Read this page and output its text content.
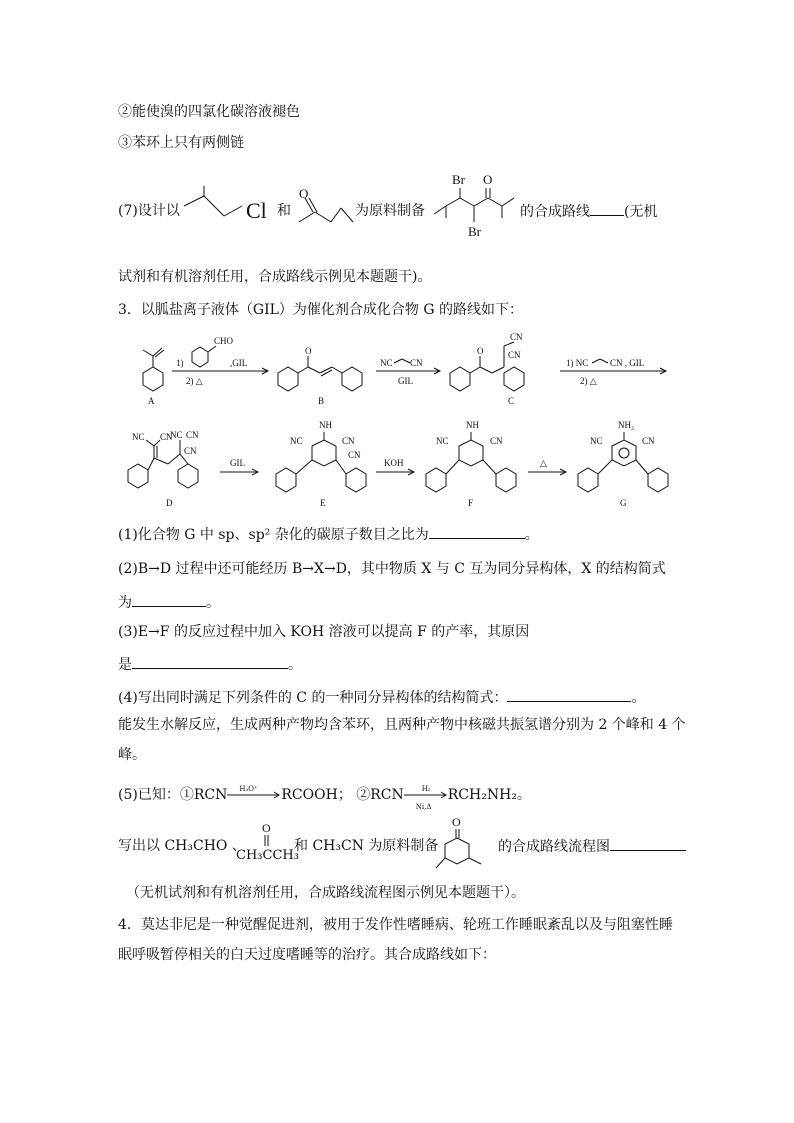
②能使溴的四氯化碳溶液褪色
③苯环上只有两侧链
(7)设计以	Cl 和
O
为原料制备
Br O
Br
的合成路线 (无机
试剂和有机溶剂任用，合成路线示例见本题题干)。
3．以胍盐离子液体（GIL）为催化剂合成化合物 G 的路线如下：
A
1)
CHO
,GIL
2) △
O
B
NC CN
GIL
O
CN
CN
C
1) NC CN , GIL
2) △
NC CN
NC CN
CN
D
GIL
NH
NC	CN
CN
E
KOH
NH
NC	CN
F
△
NH₂
NC	CN
G
(1)化合物 G 中 sp、sp² 杂化的碳原子数目之比为	。
(2)B→D 过程中还可能经历 B→X→D，其中物质 X 与 C 互为同分异构体，X 的结构简式
为	。
(3)E→F 的反应过程中加入 KOH 溶液可以提高 F 的产率，其原因
是	。
(4)写出同时满足下列条件的 C 的一种同分异构体的结构简式：	。
能发生水解反应，生成两种产物均含苯环，且两种产物中核磁共振氢谱分别为 2 个峰和 4 个
峰。
(5)已知：①RCN H₃O⁺ RCOOH； ②RCN	H₂
Ni,Δ
RCH₂NH₂。
写出以 CH₃CHO 、
O
CH₃CCH₃
和 CH₃CN 为原料制备
O
. 的合成路线流程图
（无机试剂和有机溶剂任用，合成路线流程图示例见本题题干）。
4．莫达非尼是一种觉醒促进剂，被用于发作性嗜睡病、轮班工作睡眠紊乱以及与阻塞性睡
眠呼吸暂停相关的白天过度嗜睡等的治疗。其合成路线如下：
